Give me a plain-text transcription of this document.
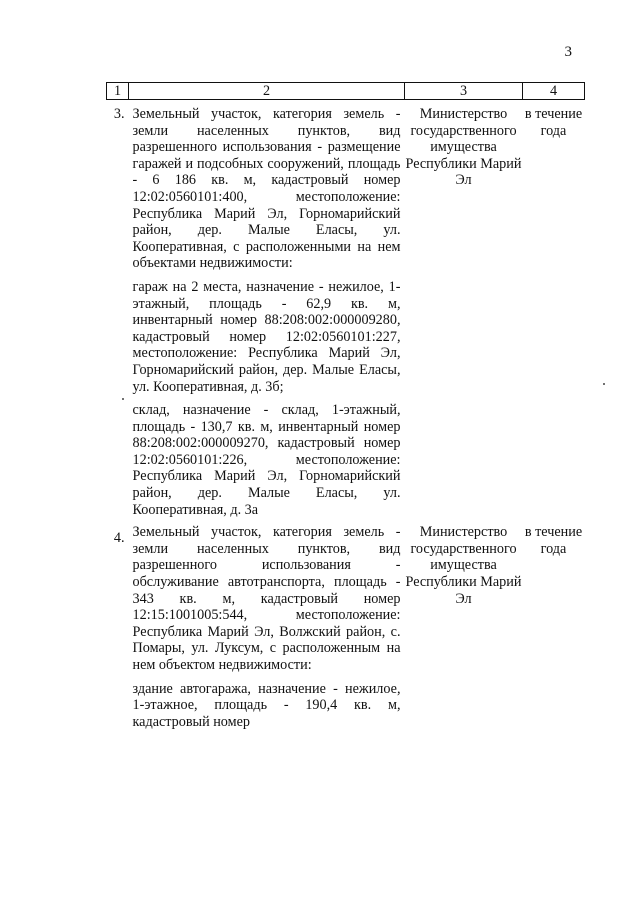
3
1	2	3	4

3.	Земельный участок, категория земель - земли населенных пунктов, вид разрешенного использования - размещение гаражей и подсобных сооружений, площадь - 6 186 кв. м, кадастровый номер 12:02:0560101:400, местоположение: Республика Марий Эл, Горномарийский район, дер. Малые Еласы, ул. Кооперативная, с расположенными на нем объектами недвижимости:
гараж на 2 места, назначение - нежилое, 1-этажный, площадь - 62,9 кв. м, инвентарный номер 88:208:002:000009280, кадастровый номер 12:02:0560101:227, местоположение: Республика Марий Эл, Горномарийский район, дер. Малые Еласы, ул. Кооперативная, д. 3б;
склад, назначение - склад, 1-этажный, площадь - 130,7 кв. м, инвентарный номер 88:208:002:000009270, кадастровый номер 12:02:0560101:226, местоположение: Республика Марий Эл, Горномарийский район, дер. Малые Еласы, ул. Кооперативная, д. 3а	Министерство государственного имущества Республики Марий Эл	в течение года

4.	Земельный участок, категория земель - земли населенных пунктов, вид разрешенного использования - обслуживание автотранспорта, площадь - 343 кв. м, кадастровый номер 12:15:1001005:544, местоположение: Республика Марий Эл, Волжский район, с. Помары, ул. Луксум, с расположенным на нем объектом недвижимости:
здание автогаража, назначение - нежилое, 1-этажное, площадь - 190,4 кв. м, кадастровый номер	Министерство государственного имущества Республики Марий Эл	в течение года
